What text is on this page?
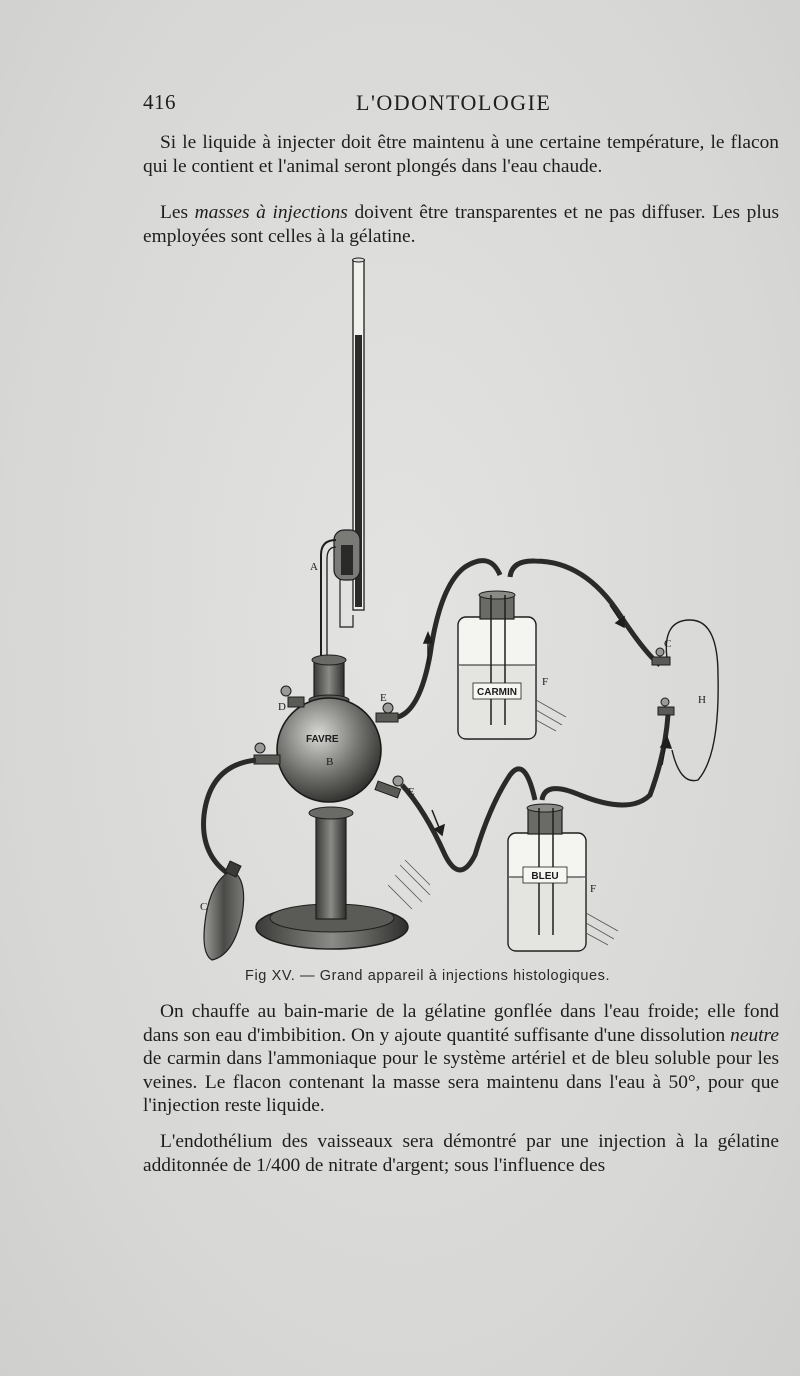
416	L'ODONTOLOGIE

Si le liquide à injecter doit être maintenu à une certaine température, le flacon qui le contient et l'animal seront plongés dans l'eau chaude.

Les masses à injections doivent être transparentes et ne pas diffuser. Les plus employées sont celles à la gélatine.

CARMIN
BLEU
A
B
FAVRE
C
C
D
E
E
F
F
H
Fig XV. — Grand appareil à injections histologiques.

On chauffe au bain-marie de la gélatine gonflée dans l'eau froide; elle fond dans son eau d'imbibition. On y ajoute quantité suffisante d'une dissolution neutre de carmin dans l'ammoniaque pour le système artériel et de bleu soluble pour les veines. Le flacon contenant la masse sera maintenu dans l'eau à 50°, pour que l'injection reste liquide.

L'endothélium des vaisseaux sera démontré par une injection à la gélatine additonnée de 1/400 de nitrate d'argent; sous l'influence des
